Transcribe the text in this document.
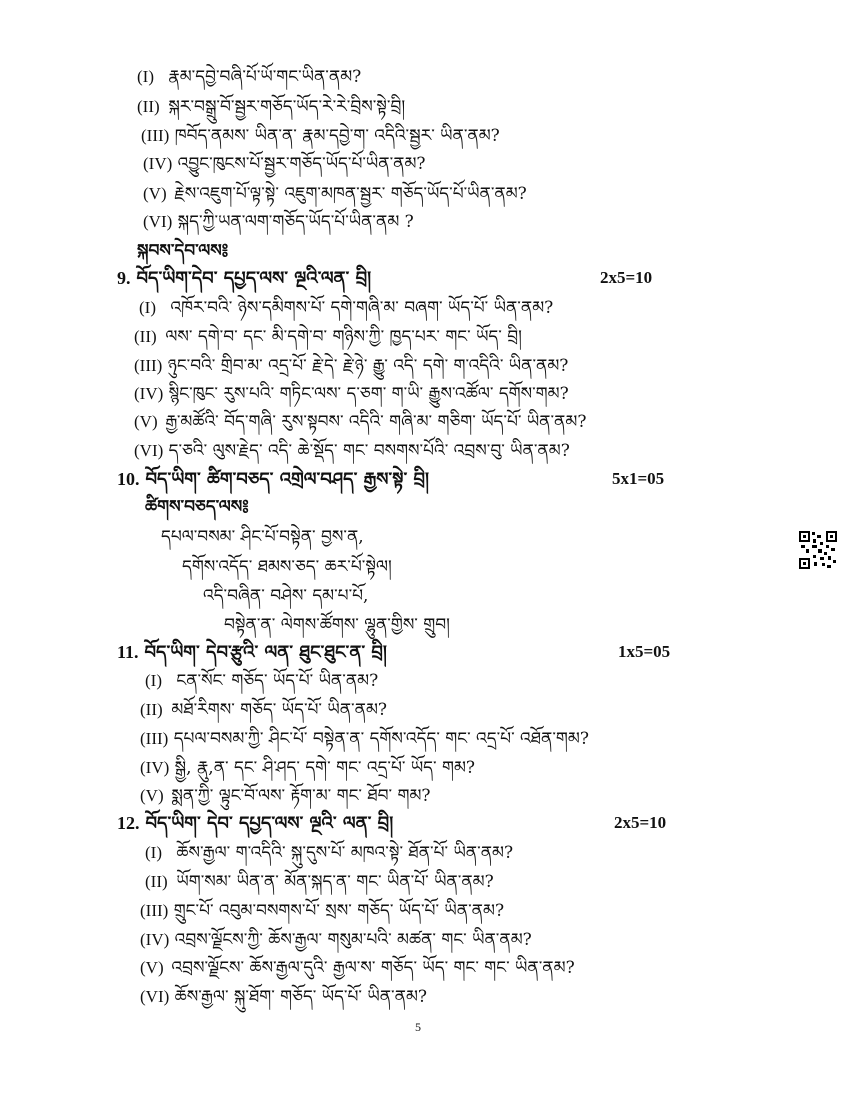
(I) རྣམ་དབྱེ་བཞི་པོ་ཡོ་གང་ཡིན་ནམ?
(II) སྐར་བསྒྲུ་བོ་སྦྱར་གཅོད་ཡོད་རེ་རེ་བྲིས་སྟེ་བྲི།
(III) ཁབོད་ནམས་ ཡིན་ན་ རྣམ་དབྱེ་ག་ འདིའི་སྦྱར་ ཡིན་ནམ?
(IV) འབྱུང་ཁུངས་པོ་སྦྱར་གཅོད་ཡོད་པོ་ཡིན་ནམ?
(V) རྗེས་འཇུག་པོ་ལྟ་སྟེ་ འཇུག་མཁན་སྦྱར་ གཅོད་ཡོད་པོ་ཡིན་ནམ?
(VI) སྐད་ཀྱི་ཡན་ལག་གཅོད་ཡོད་པོ་ཡིན་ནམ ?
སྐབས་དེབ་ལས༔
9. བོད་ཡིག་དེབ་ དཔྱད་ལས་ ལྔའི་ལན་ བྲི།	2x5=10
(I) འཁོར་བའི་ ཉེས་དམིགས་པོ་ དགེ་གཞི་མ་ བཞག་ ཡོད་པོ་ ཡིན་ནམ?
(II) ལས་ དགེ་བ་ དང་ མི་དགེ་བ་ གཉིས་ཀྱི་ ཁྱད་པར་ གང་ ཡོད་ བྲི།
(III) ཉུང་བའི་ གྲིབ་མ་ འདྲ་པོ་ རྗེ་དེ་ རྗེ་ཉེ་ རྒྱུ་ འདི་ དགེ་ ག་འདིའི་ ཡིན་ནམ?
(IV) སྙིང་ཁུང་ རུས་པའི་ གཏིང་ལས་ ད་ཅག་ ག་ཡི་ རྒྱུས་འཚོལ་ དགོས་གམ?
(V) རྒྱ་མཚོའི་ བོད་གཞི་ རུས་སྟབས་ འདིའི་ གཞི་མ་ གཅིག་ ཡོད་པོ་ ཡིན་ནམ?
(VI) ད་ཅའི་ ལུས་རྗེད་ འདི་ ཆེ་སྡོད་ གང་ བསགས་པོའི་ འབྲས་བུ་ ཡིན་ནམ?
10. བོད་ཡིག་ ཚིག་བཅད་ འགྲེལ་བཤད་ རྒྱས་སྟེ་ བྲི།	5x1=05
ཚིགས་བཅད་ལས༔
དཔལ་བསམ་ ཤིང་པོ་བསྟེན་ བྱས་ན,
དགོས་འདོད་ ཐམས་ཅད་ ཆར་པོ་སྟེལ།
འདི་བཞིན་ བཤེས་ དམ་པ་པོ,
བསྟེན་ན་ ལེགས་ཚོགས་ ལྷུན་གྱིས་ གྲུབ།
11. བོད་ཡིག་ དེབ་རྩུའི་ ལན་ ཐུང་ཐུང་ན་ བྲི།	1x5=05
(I) ངན་སོང་ གཅོད་ ཡོད་པོ་ ཡིན་ནམ?
(II) མཐོ་རིགས་ གཅོད་ ཡོད་པོ་ ཡིན་ནམ?
(III) དཔལ་བསམ་ཀྱི་ ཤིང་པོ་ བསྟེན་ན་ དགོས་འདོད་ གང་ འདྲ་པོ་ འཐོན་གམ?
(IV) སྒྱི, རྣུ,ན་ དང་ ཤི་ཤད་ དགེ་ གང་ འདྲ་པོ་ ཡོད་ གམ?
(V) སྨན་ཀྱི་ ལྟུང་བོ་ལས་ རྟོག་མ་ གང་ ཐོབ་ གམ?
12. བོད་ཡིག་ དེབ་ དཔྱད་ལས་ ལྔའི་ ལན་ བྲི།	2x5=10
(I) ཆོས་རྒྱལ་ ག་འདིའི་ སྐུ་དུས་པོ་ མཁའ་སྟེ་ ཐོན་པོ་ ཡིན་ནམ?
(II) ཡོག་སམ་ ཡིན་ན་ མོན་སྐད་ན་ གང་ ཡིན་པོ་ ཡིན་ནམ?
(III) གྲུང་པོ་ འབུམ་བསགས་པོ་ སྲས་ གཅོད་ ཡོད་པོ་ ཡིན་ནམ?
(IV) འབྲས་ལྗོངས་ཀྱི་ ཆོས་རྒྱལ་ གསུམ་པའི་ མཚན་ གང་ ཡིན་ནམ?
(V) འབྲས་ལྗོངས་ ཆོས་རྒྱལ་དུའི་ རྒྱལ་ས་ གཅོད་ ཡོད་ གང་ གང་ ཡིན་ནམ?
(VI) ཆོས་རྒྱལ་ སྐུ་ཐོག་ གཅོད་ ཡོད་པོ་ ཡིན་ནམ?
5
